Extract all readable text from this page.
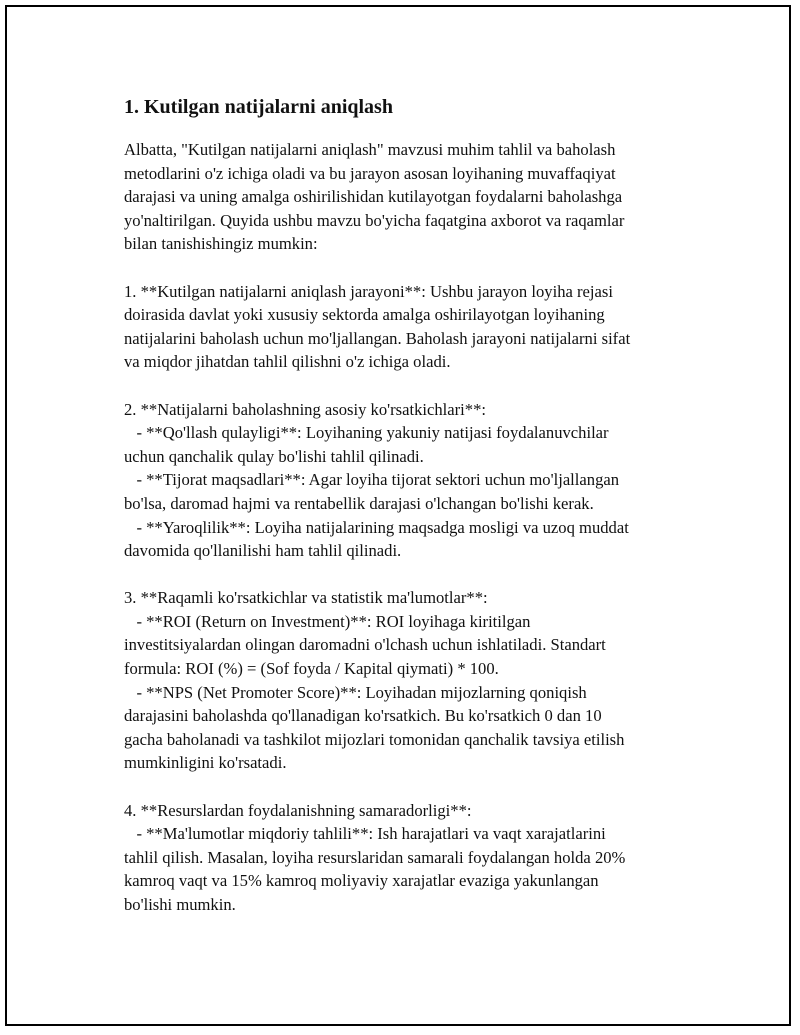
1. Kutilgan natijalarni aniqlash
Albatta, "Kutilgan natijalarni aniqlash" mavzusi muhim tahlil va baholash
metodlarini o'z ichiga oladi va bu jarayon asosan loyihaning muvaffaqiyat
darajasi va uning amalga oshirilishidan kutilayotgan foydalarni baholashga
yo'naltirilgan. Quyida ushbu mavzu bo'yicha faqatgina axborot va raqamlar
bilan tanishishingiz mumkin:
1. **Kutilgan natijalarni aniqlash jarayoni**: Ushbu jarayon loyiha rejasi
doirasida davlat yoki xususiy sektorda amalga oshirilayotgan loyihaning
natijalarini baholash uchun mo'ljallangan. Baholash jarayoni natijalarni sifat
va miqdor jihatdan tahlil qilishni o'z ichiga oladi.
2. **Natijalarni baholashning asosiy ko'rsatkichlari**:
- **Qo'llash qulayligi**: Loyihaning yakuniy natijasi foydalanuvchilar
uchun qanchalik qulay bo'lishi tahlil qilinadi.
- **Tijorat maqsadlari**: Agar loyiha tijorat sektori uchun mo'ljallangan
bo'lsa, daromad hajmi va rentabellik darajasi o'lchangan bo'lishi kerak.
- **Yaroqlilik**: Loyiha natijalarining maqsadga mosligi va uzoq muddat
davomida qo'llanilishi ham tahlil qilinadi.
3. **Raqamli ko'rsatkichlar va statistik ma'lumotlar**:
- **ROI (Return on Investment)**: ROI loyihaga kiritilgan
investitsiyalardan olingan daromadni o'lchash uchun ishlatiladi. Standart
formula: ROI (%) = (Sof foyda / Kapital qiymati) * 100.
- **NPS (Net Promoter Score)**: Loyihadan mijozlarning qoniqish
darajasini baholashda qo'llanadigan ko'rsatkich. Bu ko'rsatkich 0 dan 10
gacha baholanadi va tashkilot mijozlari tomonidan qanchalik tavsiya etilish
mumkinligini ko'rsatadi.
4. **Resurslardan foydalanishning samaradorligi**:
- **Ma'lumotlar miqdoriy tahlili**: Ish harajatlari va vaqt xarajatlarini
tahlil qilish. Masalan, loyiha resurslaridan samarali foydalangan holda 20%
kamroq vaqt va 15% kamroq moliyaviy xarajatlar evaziga yakunlangan
bo'lishi mumkin.
